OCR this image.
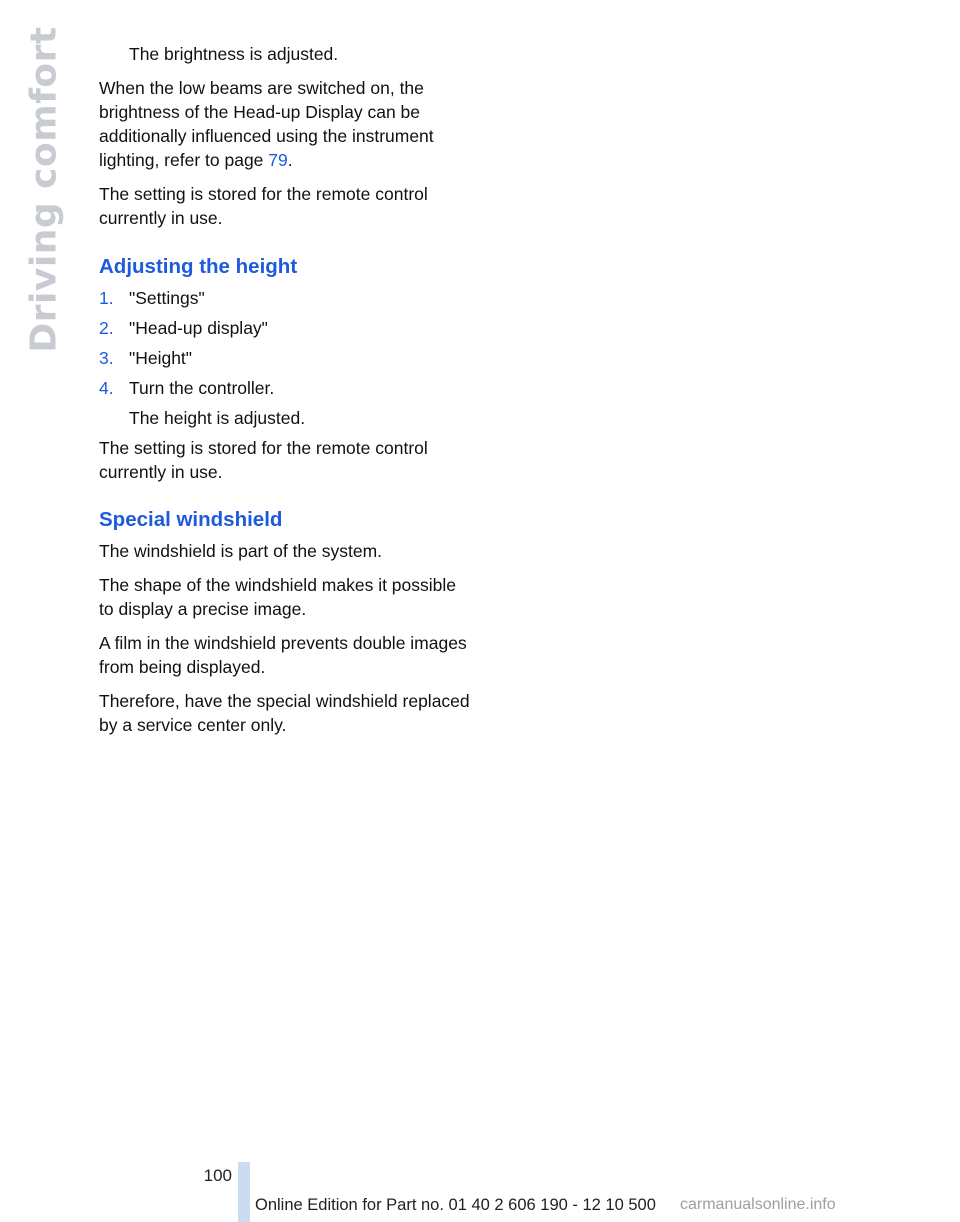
Driving comfort	The brightness is adjusted.

When the low beams are switched on, the brightness of the Head-up Display can be additionally influenced using the instrument lighting, refer to page 79.

The setting is stored for the remote control currently in use.

Adjusting the height
1. "Settings"
2. "Head-up display"
3. "Height"
4. Turn the controller.

The height is adjusted.

The setting is stored for the remote control currently in use.

Special windshield

The windshield is part of the system.

The shape of the windshield makes it possible to display a precise image.

A film in the windshield prevents double images from being displayed.

Therefore, have the special windshield replaced by a service center only.

100
Online Edition for Part no. 01 40 2 606 190 - 12 10 500 carmanualsonline.info
